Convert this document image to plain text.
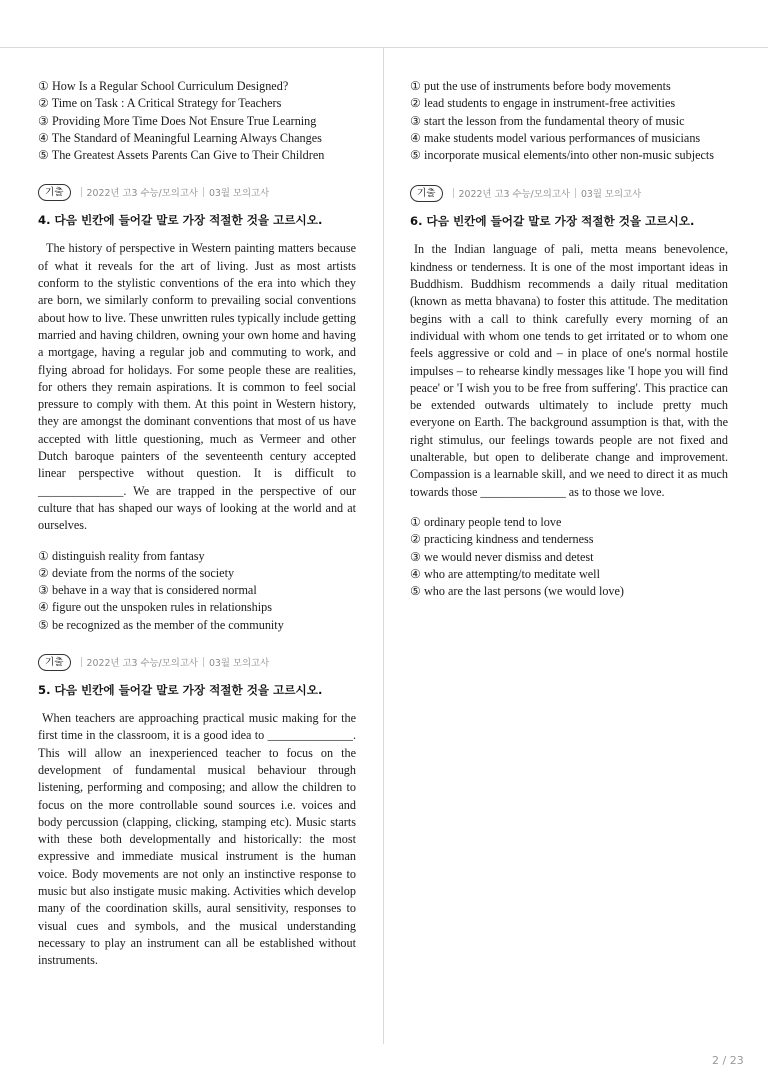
① How Is a Regular School Curriculum Designed?
② Time on Task : A Critical Strategy for Teachers
③ Providing More Time Does Not Ensure True Learning
④ The Standard of Meaningful Learning Always Changes
⑤ The Greatest Assets Parents Can Give to Their Children
기출	2022년 고3 수능/모의고사 03월 모의고사
4. 다음 빈칸에 들어갈 말로 가장 적절한 것을 고르시오.

The history of perspective in Western painting matters because of what it reveals for the art of living. Just as most artists conform to the stylistic conventions of the era into which they are born, we similarly conform to prevailing social conventions about how to live. These unwritten rules typically include getting married and having children, owning your own home and having a mortgage, having a regular job and commuting to work, and flying abroad for holidays. For some people these are realities, for others they remain aspirations. It is common to feel social pressure to comply with them. At this point in Western history, they are amongst the dominant conventions that most of us have accepted with little questioning, much as Vermeer and other Dutch baroque painters of the seventeenth century accepted linear perspective without question. It is difficult to ______________. We are trapped in the perspective of our culture that has shaped our ways of looking at the world and at ourselves.

① distinguish reality from fantasy
② deviate from the norms of the society
③ behave in a way that is considered normal
④ figure out the unspoken rules in relationships
⑤ be recognized as the member of the community
기출	2022년 고3 수능/모의고사 03월 모의고사
5. 다음 빈칸에 들어갈 말로 가장 적절한 것을 고르시오.

When teachers are approaching practical music making for the first time in the classroom, it is a good idea to ______________. This will allow an inexperienced teacher to focus on the development of fundamental musical behaviour through listening, performing and composing; and allow the children to focus on the more controllable sound sources i.e. voices and body percussion (clapping, clicking, stamping etc). Music starts with these both developmentally and historically: the most expressive and immediate musical instrument is the human voice. Body movements are not only an instinctive response to music but also instigate music making. Activities which develop many of the coordination skills, aural sensitivity, responses to visual cues and symbols, and the musical understanding necessary to play an instrument can all be established without instruments.

① put the use of instruments before body movements
② lead students to engage in instrument-free activities
③ start the lesson from the fundamental theory of music
④ make students model various performances of musicians
⑤ incorporate musical elements/into other non-music subjects
기출	2022년 고3 수능/모의고사 03월 모의고사
6. 다음 빈칸에 들어갈 말로 가장 적절한 것을 고르시오.

In the Indian language of pali, metta means benevolence, kindness or tenderness. It is one of the most important ideas in Buddhism. Buddhism recommends a daily ritual meditation (known as metta bhavana) to foster this attitude. The meditation begins with a call to think carefully every morning of an individual with whom one tends to get irritated or to whom one feels aggressive or cold and – in place of one's normal hostile impulses – to rehearse kindly messages like 'I hope you will find peace' or 'I wish you to be free from suffering'. This practice can be extended outwards ultimately to include pretty much everyone on Earth. The background assumption is that, with the right stimulus, our feelings towards people are not fixed and unalterable, but open to deliberate change and improvement. Compassion is a learnable skill, and we need to direct it as much towards those ______________ as to those we love.

① ordinary people tend to love
② practicing kindness and tenderness
③ we would never dismiss and detest
④ who are attempting/to meditate well
⑤ who are the last persons (we would love)
2 / 23
